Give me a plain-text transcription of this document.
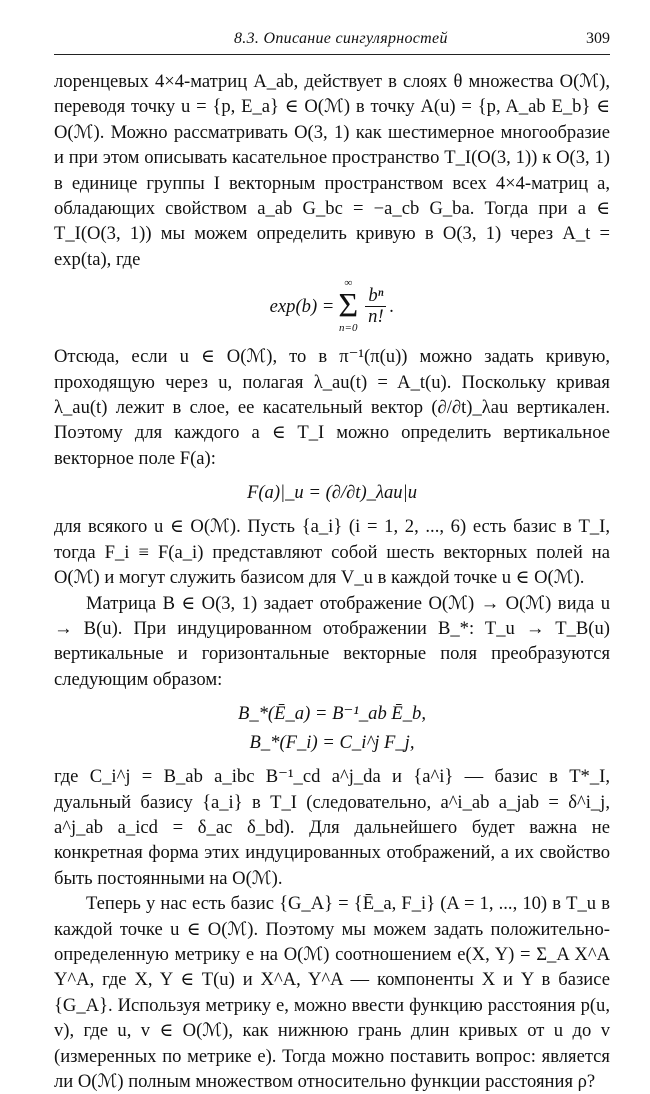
8.3. Описание сингулярностей	309

лоренцевых 4×4-матриц A_ab, действует в слоях θ множества O(ℳ), переводя точку u = {p, E_a} ∈ O(ℳ) в точку A(u) = {p, A_ab E_b} ∈ O(ℳ). Можно рассматривать O(3, 1) как шестимерное многообразие и при этом описывать касательное пространство T_I(O(3, 1)) к O(3, 1) в единице группы I векторным пространством всех 4×4-матриц a, обладающих свойством a_ab G_bc = −a_cb G_ba. Тогда при a ∈ T_I(O(3, 1)) мы можем определить кривую в O(3, 1) через A_t = exp(ta), где

exp(b) =
∞
Σ
n=0
$\frac{\text{bⁿ}}{n!}$ .

Отсюда, если u ∈ O(ℳ), то в π⁻¹(π(u)) можно задать кривую, проходящую через u, полагая λ_au(t) = A_t(u). Поскольку кривая λ_au(t) лежит в слое, ее касательный вектор (∂/∂t)_λau вертикален. Поэтому для каждого a ∈ T_I можно определить вертикальное векторное поле F(a):

F(a)|_u = (∂/∂t)_λau|u

для всякого u ∈ O(ℳ). Пусть {a_i} (i = 1, 2, ..., 6) есть базис в T_I, тогда F_i ≡ F(a_i) представляют собой шесть векторных полей на O(ℳ) и могут служить базисом для V_u в каждой точке u ∈ O(ℳ).

Матрица B ∈ O(3, 1) задает отображение O(ℳ) → O(ℳ) вида u → B(u). При индуцированном отображении B_*: T_u → T_B(u) вертикальные и горизонтальные векторные поля преобразуются следующим образом:

B_*(Ē_a) = B⁻¹_ab Ē_b,
B_*(F_i) = C_i^j F_j,

где C_i^j = B_ab a_ibc B⁻¹_cd a^j_da и {a^i} — базис в T*_I, дуальный базису {a_i} в T_I (следовательно, a^i_ab a_jab = δ^i_j, a^j_ab a_icd = δ_ac δ_bd). Для дальнейшего будет важна не конкретная форма этих индуцированных отображений, а их свойство быть постоянными на O(ℳ).

Теперь у нас есть базис {G_A} = {Ē_a, F_i} (A = 1, ..., 10) в T_u в каждой точке u ∈ O(ℳ). Поэтому мы можем задать положительно-определенную метрику e на O(ℳ) соотношением e(X, Y) = Σ_A X^A Y^A, где X, Y ∈ T(u) и X^A, Y^A — компоненты X и Y в базисе {G_A}. Используя метрику e, можно ввести функцию расстояния p(u, v), где u, v ∈ O(ℳ), как нижнюю грань длин кривых от u до v (измеренных по метрике e). Тогда можно поставить вопрос: является ли O(ℳ) полным множеством относительно функции расстояния ρ?
